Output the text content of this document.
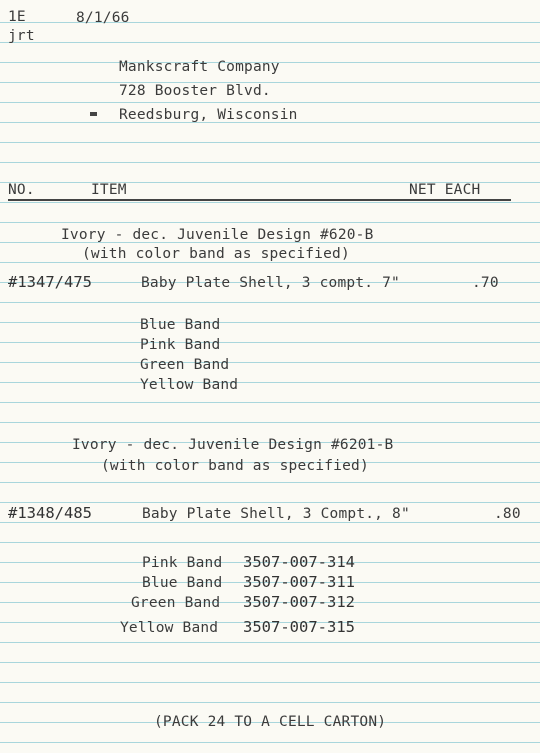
1E
jrt
8/1/66
Mankscraft Company
728 Booster Blvd.
Reedsburg, Wisconsin
NO.	ITEM	NET EACH
Ivory - dec. Juvenile Design #620-B
(with color band as specified)
#1347/475	Baby Plate Shell, 3 compt. 7"	.70
Blue Band
Pink Band
Green Band
Yellow Band
Ivory - dec. Juvenile Design #6201-B
(with color band as specified)
#1348/485	Baby Plate Shell, 3 Compt., 8"	.80
Pink Band 3507-007-314
Blue Band 3507-007-311
Green Band 3507-007-312
Yellow Band 3507-007-315
(PACK 24 TO A CELL CARTON)
